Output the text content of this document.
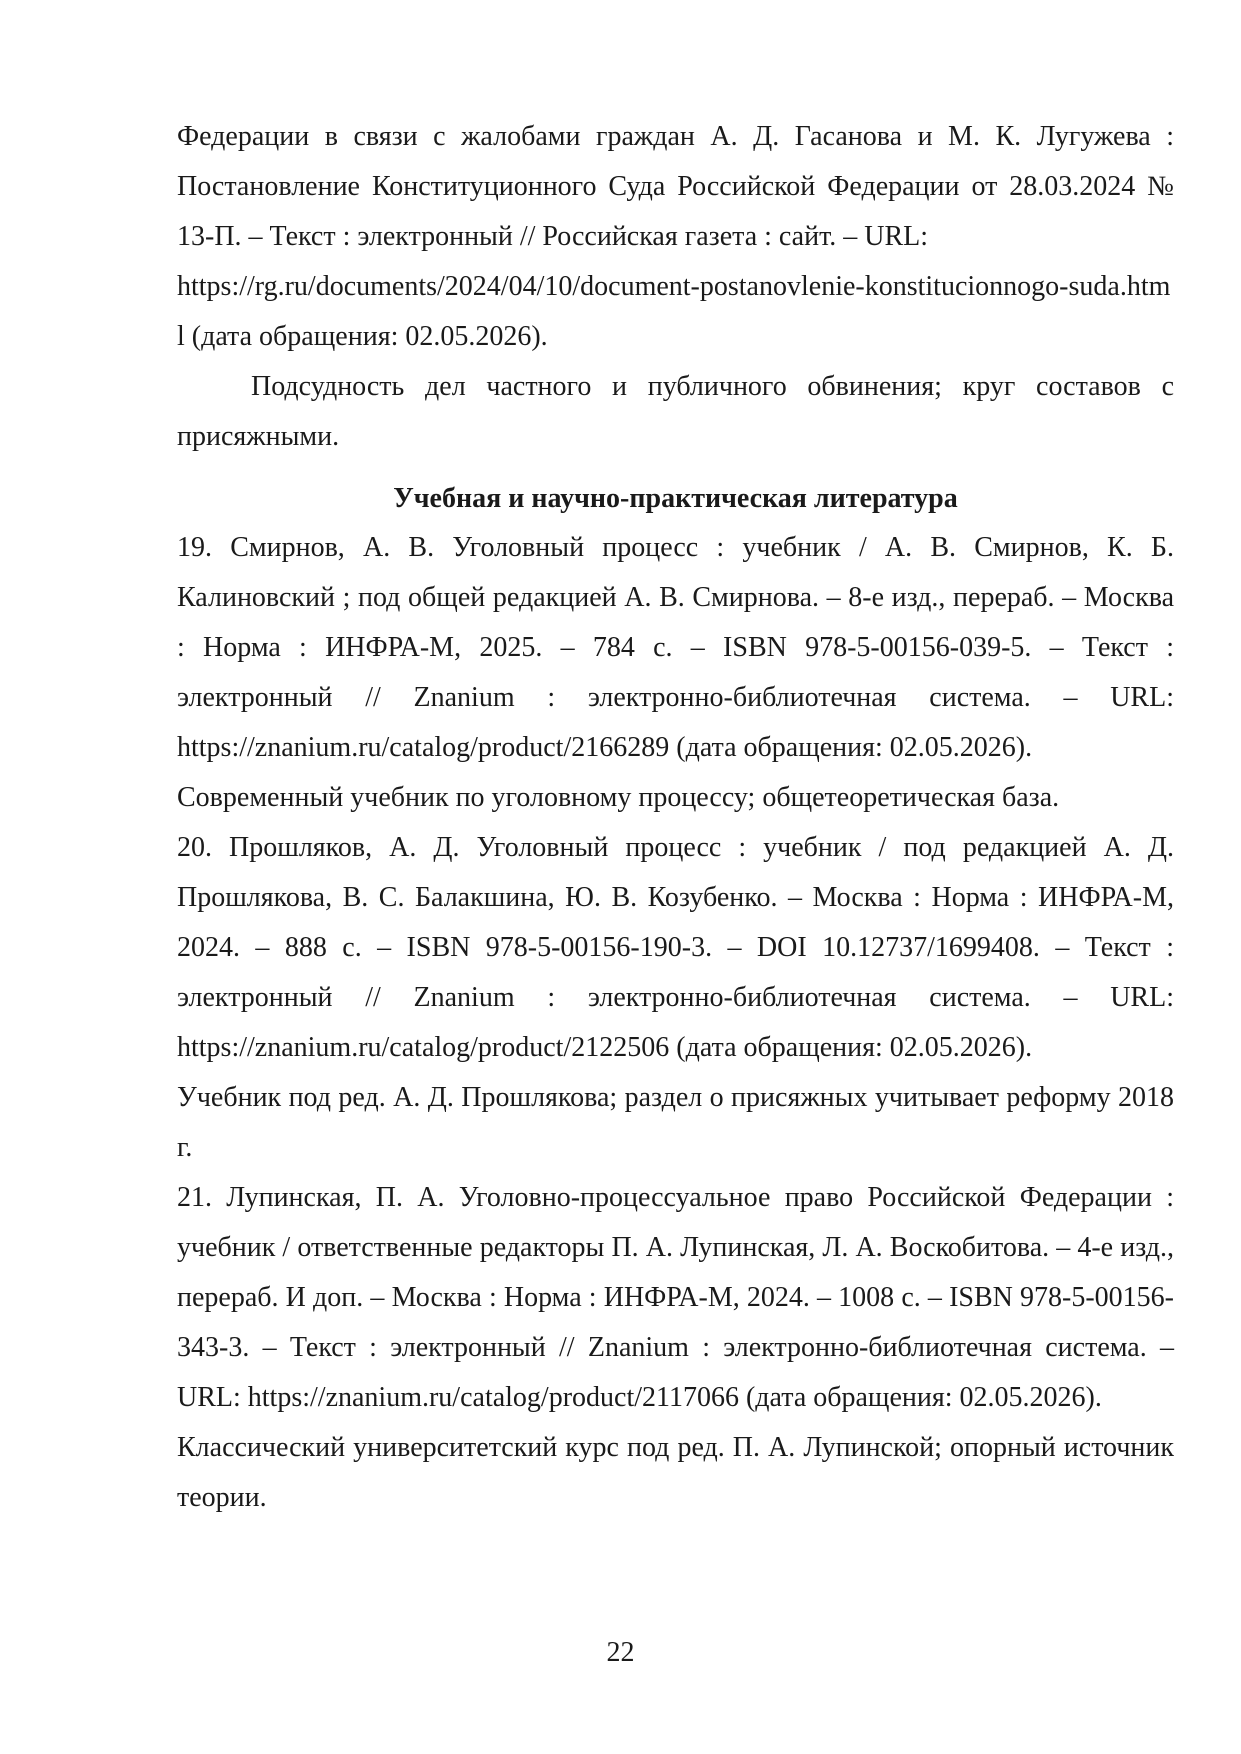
Федерации в связи с жалобами граждан А. Д. Гасанова и М. К. Лугужева : Постановление Конституционного Суда Российской Федерации от 28.03.2024 № 13-П. – Текст : электронный // Российская газета : сайт. – URL:

https://rg.ru/documents/2024/04/10/document-postanovlenie-konstitucionnogo-suda.html (дата обращения: 02.05.2026).

Подсудность дел частного и публичного обвинения; круг составов с присяжными.

Учебная и научно-практическая литература

19. Смирнов, А. В. Уголовный процесс : учебник / А. В. Смирнов, К. Б. Калиновский ; под общей редакцией А. В. Смирнова. – 8-е изд., перераб. – Москва : Норма : ИНФРА-М, 2025. – 784 с. – ISBN 978-5-00156-039-5. – Текст : электронный // Znanium : электронно-библиотечная система. – URL: https://znanium.ru/catalog/product/2166289 (дата обращения: 02.05.2026).

Современный учебник по уголовному процессу; общетеоретическая база.

20. Прошляков, А. Д. Уголовный процесс : учебник / под редакцией А. Д. Прошлякова, В. С. Балакшина, Ю. В. Козубенко. – Москва : Норма : ИНФРА-М, 2024. – 888 с. – ISBN 978-5-00156-190-3. – DOI 10.12737/1699408. – Текст : электронный // Znanium : электронно-библиотечная система. – URL: https://znanium.ru/catalog/product/2122506 (дата обращения: 02.05.2026).

Учебник под ред. А. Д. Прошлякова; раздел о присяжных учитывает реформу 2018 г.

21. Лупинская, П. А. Уголовно-процессуальное право Российской Федерации : учебник / ответственные редакторы П. А. Лупинская, Л. А. Воскобитова. – 4-е изд., перераб. И доп. – Москва : Норма : ИНФРА-М, 2024. – 1008 с. – ISBN 978-5-00156-343-3. – Текст : электронный // Znanium : электронно-библиотечная система. – URL: https://znanium.ru/catalog/product/2117066 (дата обращения: 02.05.2026).

Классический университетский курс под ред. П. А. Лупинской; опорный источник теории.

22
